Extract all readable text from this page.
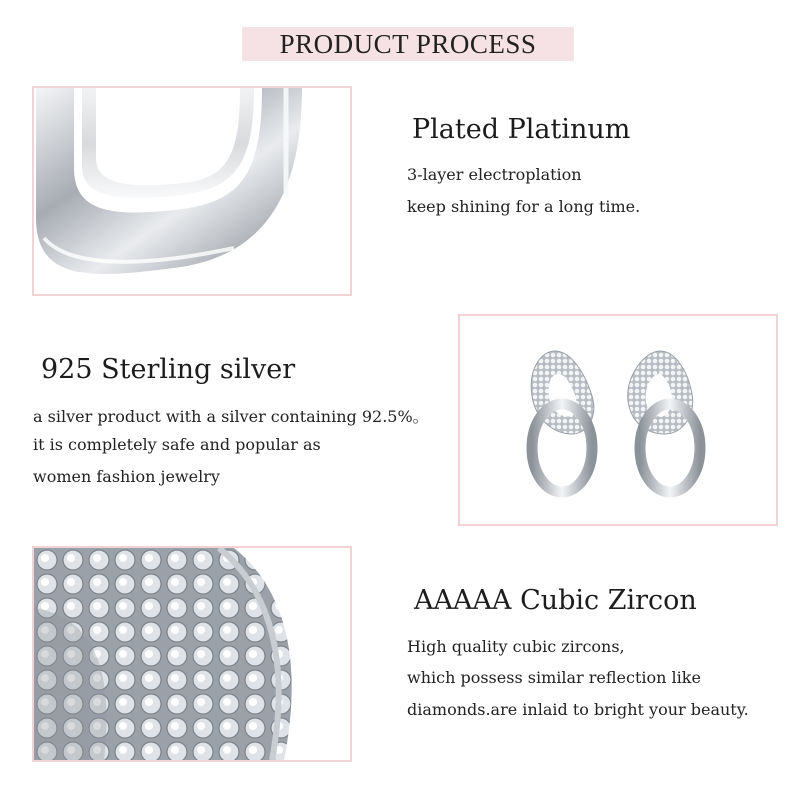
PRODUCT PROCESS
Plated Platinum
3-layer electroplation
keep shining for a long time.
925 Sterling silver
a silver product with a silver containing 92.5%。
it is completely safe and popular as
women fashion jewelry
AAAAA Cubic Zircon
High quality cubic zircons,
which possess similar reflection like
diamonds.are inlaid to bright your beauty.
